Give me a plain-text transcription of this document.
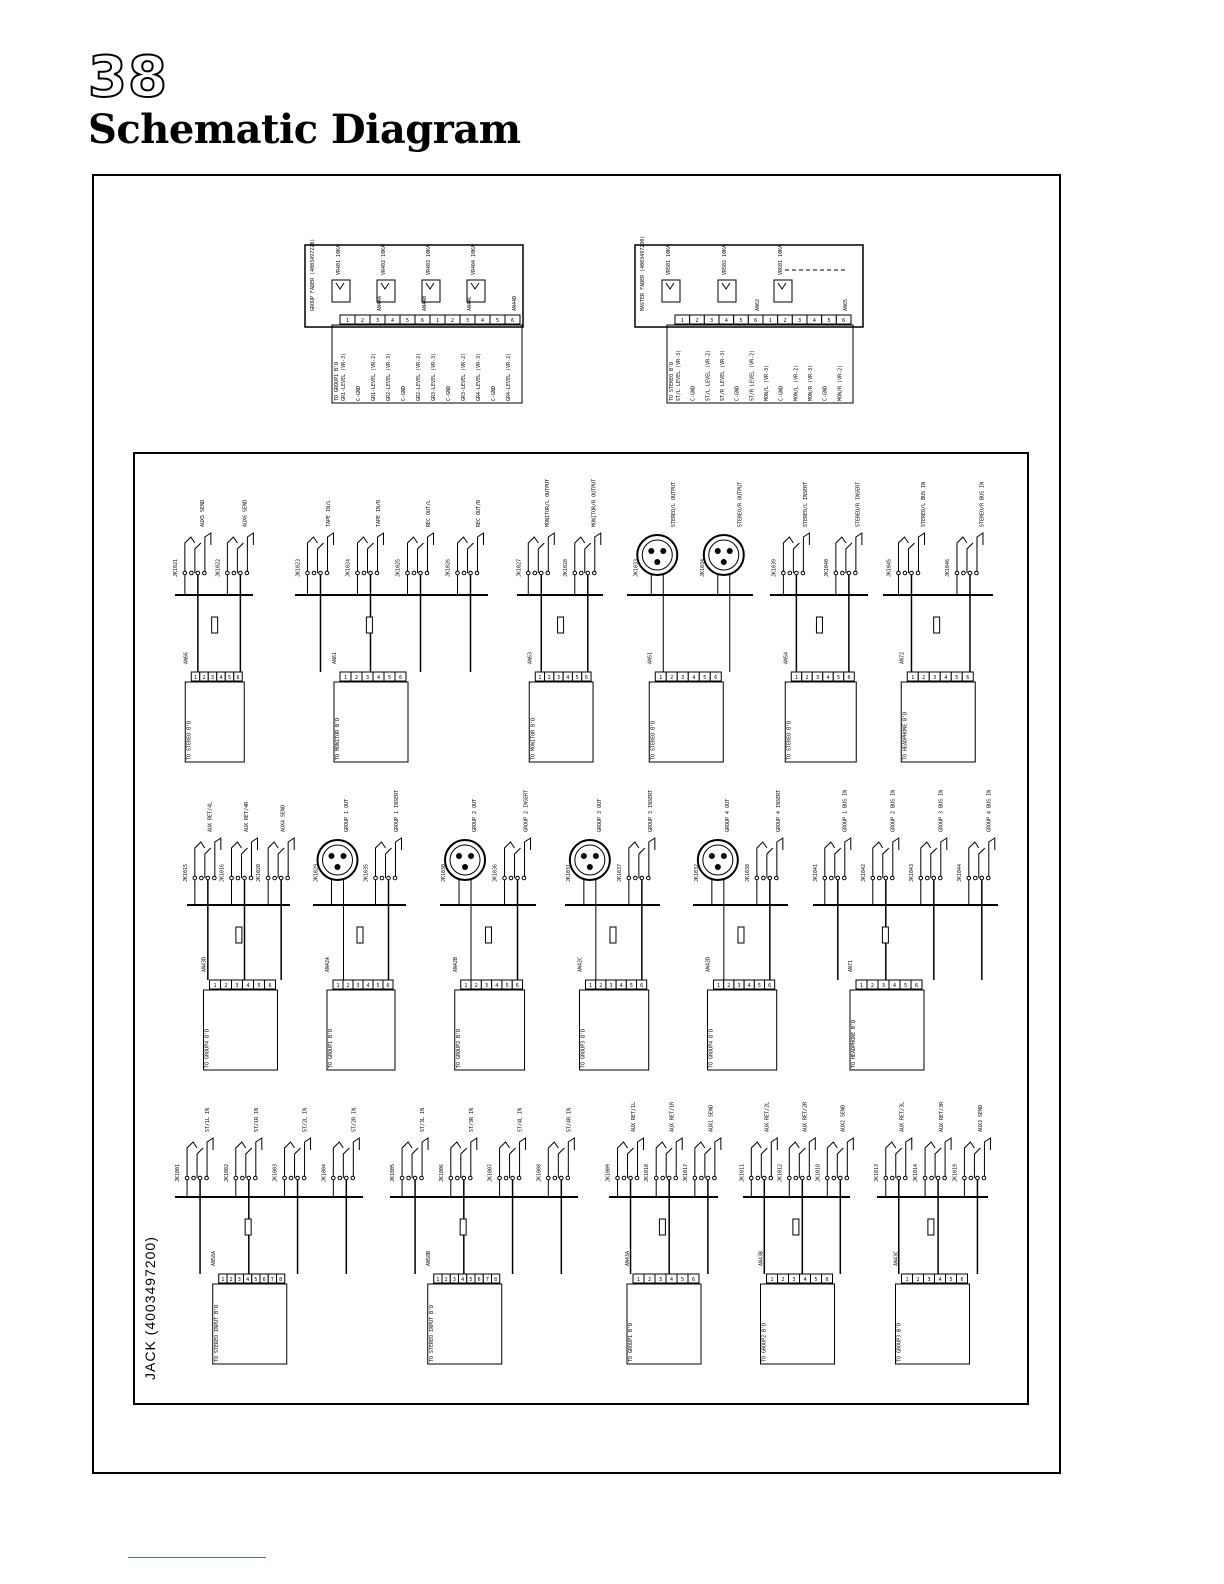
38
Schematic Diagram
GROUP FADER (4003497220)	VR401 10KA	VR402 10KA	VR403 10KA	VR404 10KA
1 2 3 4 5 6 1 2 3 4 5 6
AN44A	AN44B	AN44C	AN44D
TO GROUP1 B'D GR1-LEVEL (VR-3) C-GND GR1-LEVEL (VR-2) GR2-LEVEL (VR-3) C-GND GR2-LEVEL (VR-2) GR3-LEVEL (VR-3) C-GND GR3-LEVEL (VR-2) GR4-LEVEL (VR-3) C-GND GR4-LEVEL (VR-2)
MASTER FADER (4003497230)	VR501 10KA	VR502 10KA	VR601 10KA
1 2 3 4 5 6 1 2 3 4 5 6
AN62	AN65
TO STEREO B'D ST/L LEVEL (VR-3) C-GND ST/L LEVEL (VR-2) ST/R LEVEL (VR-3) C-GND ST/R LEVEL (VR-2) MON/L (VR-3) C-GND MON/L (VR-2) MON/R (VR-3) C-GND MON/R (VR-2)
AUX5 SEND
JK1021
AUX6 SEND
JK1022
AN66
1 2 3 4 5 6
TO STEREO B'D
TAPE IN/L
JK1023
TAPE IN/R
JK1024
REC OUT/L
JK1025
REC OUT/R
JK1026
AN61
1 2 3 4 5 6
TO MONITOR B'D
MONITOR/L OUTPUT
JK1027
MONITOR/R OUTPUT
JK1028
AN63
1 2 3 4 5 6
TO MONITOR B'D
STEREO/L OUTPUT
JK1033
STEREO/R OUTPUT
JK1034
AN51
1 2 3 4 5 6
TO STEREO B'D
STEREO/L INSERT
JK1039
STEREO/R INSERT
JK1040
AN54
1 2 3 4 5 6
TO STEREO B'D
STEREO/L BUS IN
JK1045
STEREO/R BUS IN
JK1046
AN72
1 2 3 4 5 6
TO HEADPHONE B'D
AUX RET/4L
JK1015
AUX RET/4R
JK1016
AUX4 SEND
JK1020
AN43D
1 2 3 4 5 6
TO GROUP4 B'D
GROUP 1 OUT
JK1029
GROUP 1 INSERT
JK1035
AN42A
1 2 3 4 5 6
TO GROUP1 B'D
GROUP 2 OUT
JK1030
GROUP 2 INSERT
JK1036
AN42B
1 2 3 4 5 6
TO GROUP2 B'D
GROUP 3 OUT
JK1031
GROUP 3 INSERT
JK1037
AN42C
1 2 3 4 5 6
TO GROUP3 B'D
GROUP 4 OUT
JK1032
GROUP 4 INSERT
JK1038
AN42D
1 2 3 4 5 6
TO GROUP4 B'D
GROUP 1 BUS IN
JK1041
GROUP 2 BUS IN
JK1042
GROUP 3 BUS IN
JK1043
GROUP 4 BUS IN
JK1044
AN71
1 2 3 4 5 6
TO HEADPHONE B'D
ST/1L IN
JK1001
ST/1R IN
JK1002
ST/2L IN
JK1003
ST/2R IN
JK1004
AN58A
1 2 3 4 5 6 7 8
TO STEREO INPUT B'D
ST/3L IN
JK1005
ST/3R IN
JK1006
ST/4L IN
JK1007
ST/4R IN
JK1008
AN58B
1 2 3 4 5 6 7 8
TO STEREO INPUT B'D
AUX RET/1L
JK1009
AUX RET/1R
JK1010
AUX1 SEND
JK1017
AN43A
1 2 3 4 5 6
TO GROUP1 B'D
AUX RET/2L
JK1011
AUX RET/2R
JK1012
AUX2 SEND
JK1018
AN43B
1 2 3 4 5 6
TO GROUP2 B'D
AUX RET/3L
JK1013
AUX RET/3R
JK1014
AUX3 SEND
JK1019
AN43C
1 2 3 4 5 6
TO GROUP3 B'D
JACK (4003497200)
